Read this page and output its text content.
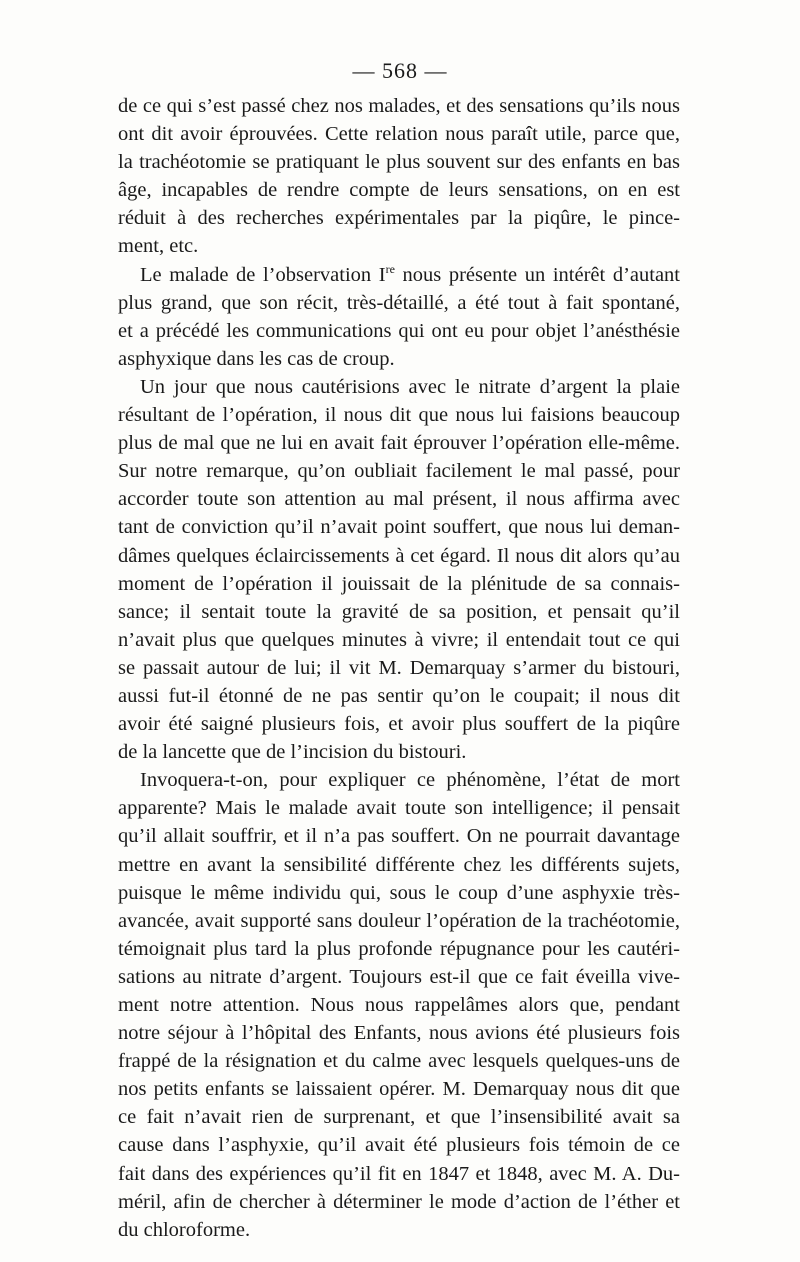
— 568 —
de ce qui s’est passé chez nos malades, et des sensations qu’ils nous
ont dit avoir éprouvées. Cette relation nous paraît utile, parce que,
la trachéotomie se pratiquant le plus souvent sur des enfants en bas
âge, incapables de rendre compte de leurs sensations, on en est
réduit à des recherches expérimentales par la piqûre, le pince-
ment, etc.
Le malade de l’observation Ire nous présente un intérêt d’autant
plus grand, que son récit, très-détaillé, a été tout à fait spontané,
et a précédé les communications qui ont eu pour objet l’anésthésie
asphyxique dans les cas de croup.
Un jour que nous cautérisions avec le nitrate d’argent la plaie
résultant de l’opération, il nous dit que nous lui faisions beaucoup
plus de mal que ne lui en avait fait éprouver l’opération elle-même.
Sur notre remarque, qu’on oubliait facilement le mal passé, pour
accorder toute son attention au mal présent, il nous affirma avec
tant de conviction qu’il n’avait point souffert, que nous lui deman-
dâmes quelques éclaircissements à cet égard. Il nous dit alors qu’au
moment de l’opération il jouissait de la plénitude de sa connais-
sance; il sentait toute la gravité de sa position, et pensait qu’il
n’avait plus que quelques minutes à vivre; il entendait tout ce qui
se passait autour de lui; il vit M. Demarquay s’armer du bistouri,
aussi fut-il étonné de ne pas sentir qu’on le coupait; il nous dit
avoir été saigné plusieurs fois, et avoir plus souffert de la piqûre
de la lancette que de l’incision du bistouri.
Invoquera-t-on, pour expliquer ce phénomène, l’état de mort
apparente? Mais le malade avait toute son intelligence; il pensait
qu’il allait souffrir, et il n’a pas souffert. On ne pourrait davantage
mettre en avant la sensibilité différente chez les différents sujets,
puisque le même individu qui, sous le coup d’une asphyxie très-
avancée, avait supporté sans douleur l’opération de la trachéotomie,
témoignait plus tard la plus profonde répugnance pour les cautéri-
sations au nitrate d’argent. Toujours est-il que ce fait éveilla vive-
ment notre attention. Nous nous rappelâmes alors que, pendant
notre séjour à l’hôpital des Enfants, nous avions été plusieurs fois
frappé de la résignation et du calme avec lesquels quelques-uns de
nos petits enfants se laissaient opérer. M. Demarquay nous dit que
ce fait n’avait rien de surprenant, et que l’insensibilité avait sa
cause dans l’asphyxie, qu’il avait été plusieurs fois témoin de ce
fait dans des expériences qu’il fit en 1847 et 1848, avec M. A. Du-
méril, afin de chercher à déterminer le mode d’action de l’éther et
du chloroforme.
